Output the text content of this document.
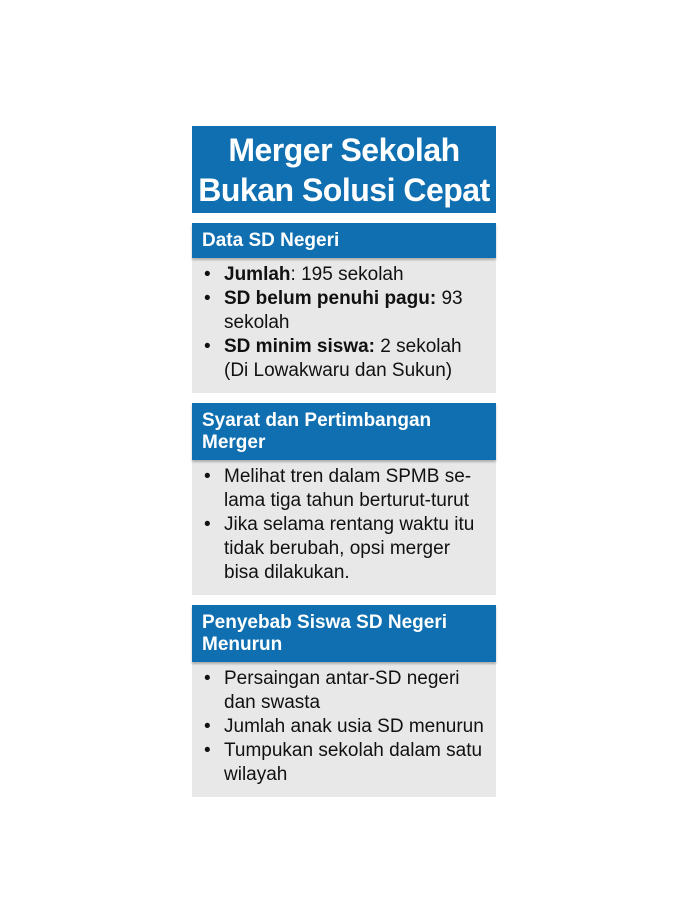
Merger Sekolah
Bukan Solusi Cepat
Data SD Negeri
• Jumlah: 195 sekolah
• SD belum penuhi pagu: 93 sekolah
• SD minim siswa: 2 sekolah (Di Lowakwaru dan Sukun)
Syarat dan Pertimbangan Merger
• Melihat tren dalam SPMB se-lama tiga tahun berturut-turut
• Jika selama rentang waktu itu tidak berubah, opsi merger bisa dilakukan.
Penyebab Siswa SD Negeri Menurun
• Persaingan antar-SD negeri dan swasta
• Jumlah anak usia SD menurun
• Tumpukan sekolah dalam satu wilayah
